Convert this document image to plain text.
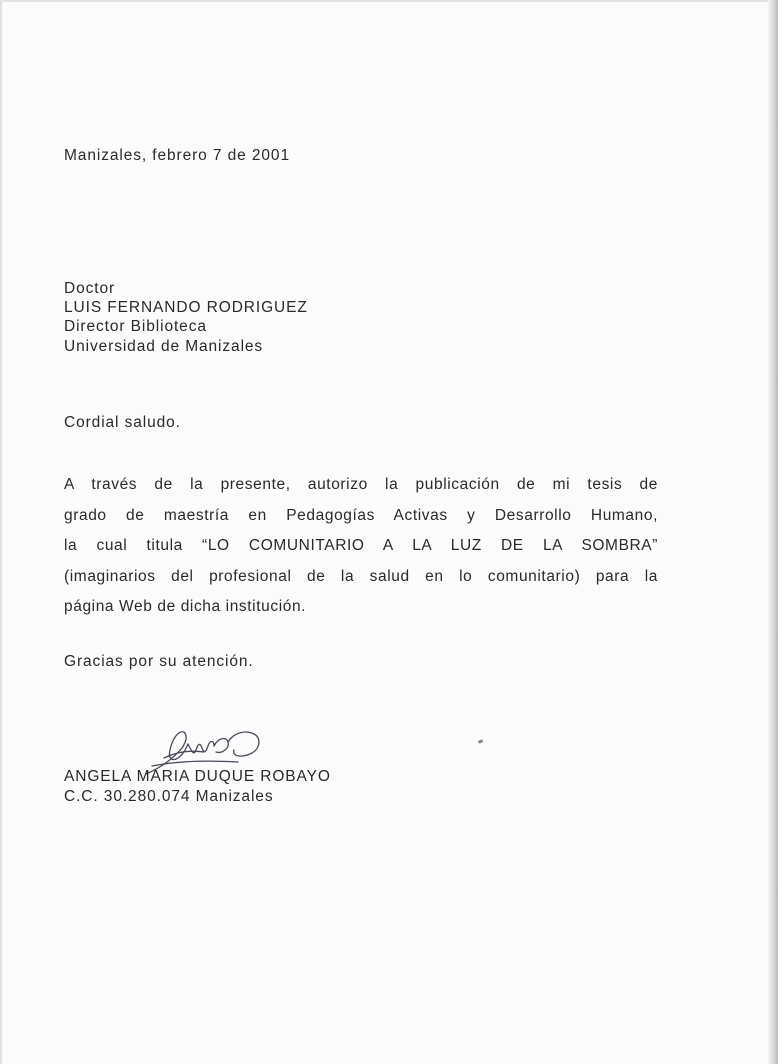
Manizales, febrero 7 de 2001
Doctor
LUIS FERNANDO RODRIGUEZ
Director Biblioteca
Universidad de Manizales
Cordial saludo.
A través de la presente, autorizo la publicación de mi tesis de
grado de maestría en Pedagogías Activas y Desarrollo Humano,
la cual titula “LO COMUNITARIO A LA LUZ DE LA SOMBRA”
(imaginarios del profesional de la salud en lo comunitario) para la
página Web de dicha institución.
Gracias por su atención.
ANGELA MARIA DUQUE ROBAYO
C.C. 30.280.074 Manizales
